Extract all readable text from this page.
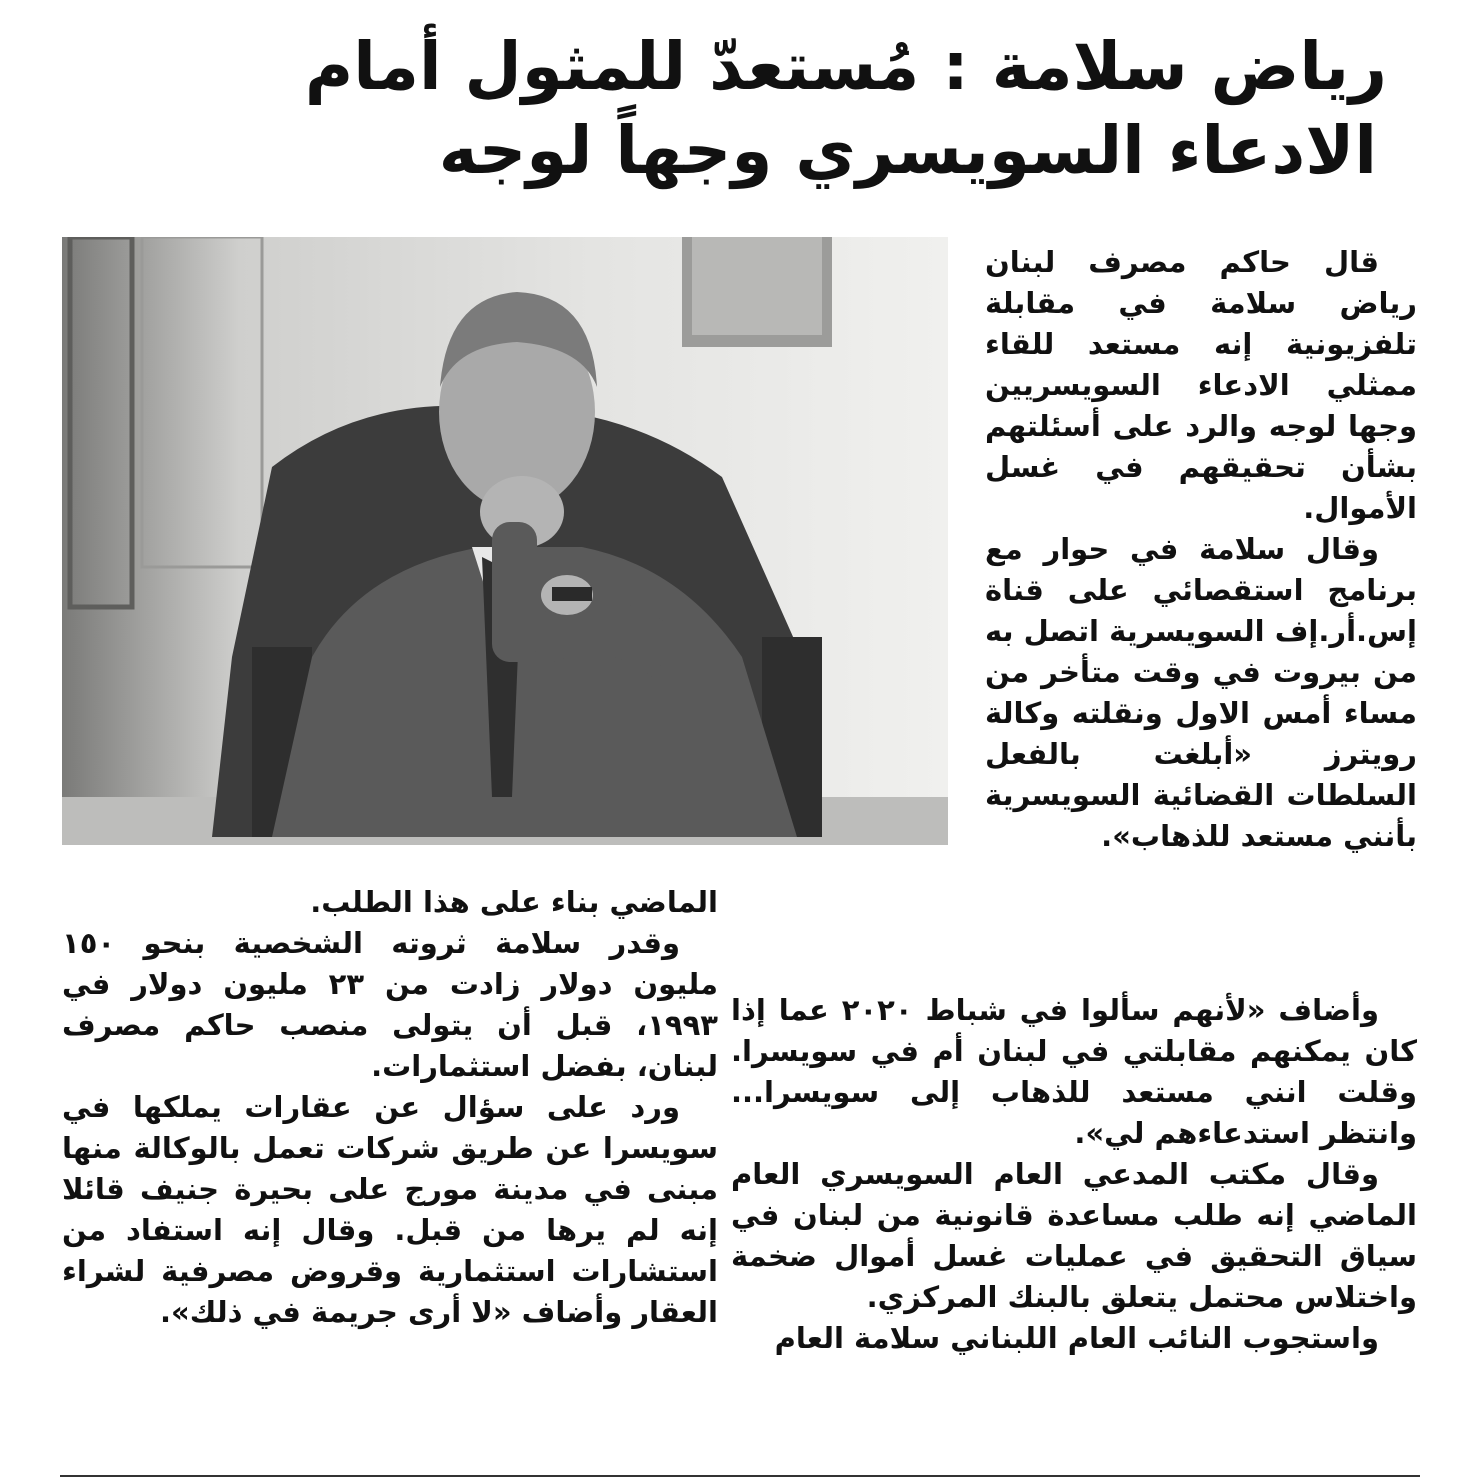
رياض سلامة : مُستعدّ للمثول أمام
الادعاء السويسري وجهاً لوجه

قال حاكم مصرف لبنان رياض سلامة في مقابلة تلفزيونية إنه مستعد للقاء ممثلي الادعاء السويسريين وجها لوجه والرد على أسئلتهم بشأن تحقيقهم في غسل الأموال.

وقال سلامة في حوار مع برنامج استقصائي على قناة إس.أر.إف السويسرية اتصل به من بيروت في وقت متأخر من مساء أمس الاول ونقلته وكالة رويترز «أبلغت بالفعل السلطات القضائية السويسرية بأنني مستعد للذهاب».

وأضاف «لأنهم سألوا في شباط ٢٠٢٠ عما إذا كان يمكنهم مقابلتي في لبنان أم في سويسرا. وقلت انني مستعد للذهاب إلى سويسرا... وانتظر استدعاءهم لي».

وقال مكتب المدعي العام السويسري العام الماضي إنه طلب مساعدة قانونية من لبنان في سياق التحقيق في عمليات غسل أموال ضخمة واختلاس محتمل يتعلق بالبنك المركزي.

واستجوب النائب العام اللبناني سلامة العام

الماضي بناء على هذا الطلب.

وقدر سلامة ثروته الشخصية بنحو ١٥٠ مليون دولار زادت من ٢٣ مليون دولار في ١٩٩٣، قبل أن يتولى منصب حاكم مصرف لبنان، بفضل استثمارات.

ورد على سؤال عن عقارات يملكها في سويسرا عن طريق شركات تعمل بالوكالة منها مبنى في مدينة مورج على بحيرة جنيف قائلا إنه لم يرها من قبل. وقال إنه استفاد من استشارات استثمارية وقروض مصرفية لشراء العقار وأضاف «لا أرى جريمة في ذلك».
